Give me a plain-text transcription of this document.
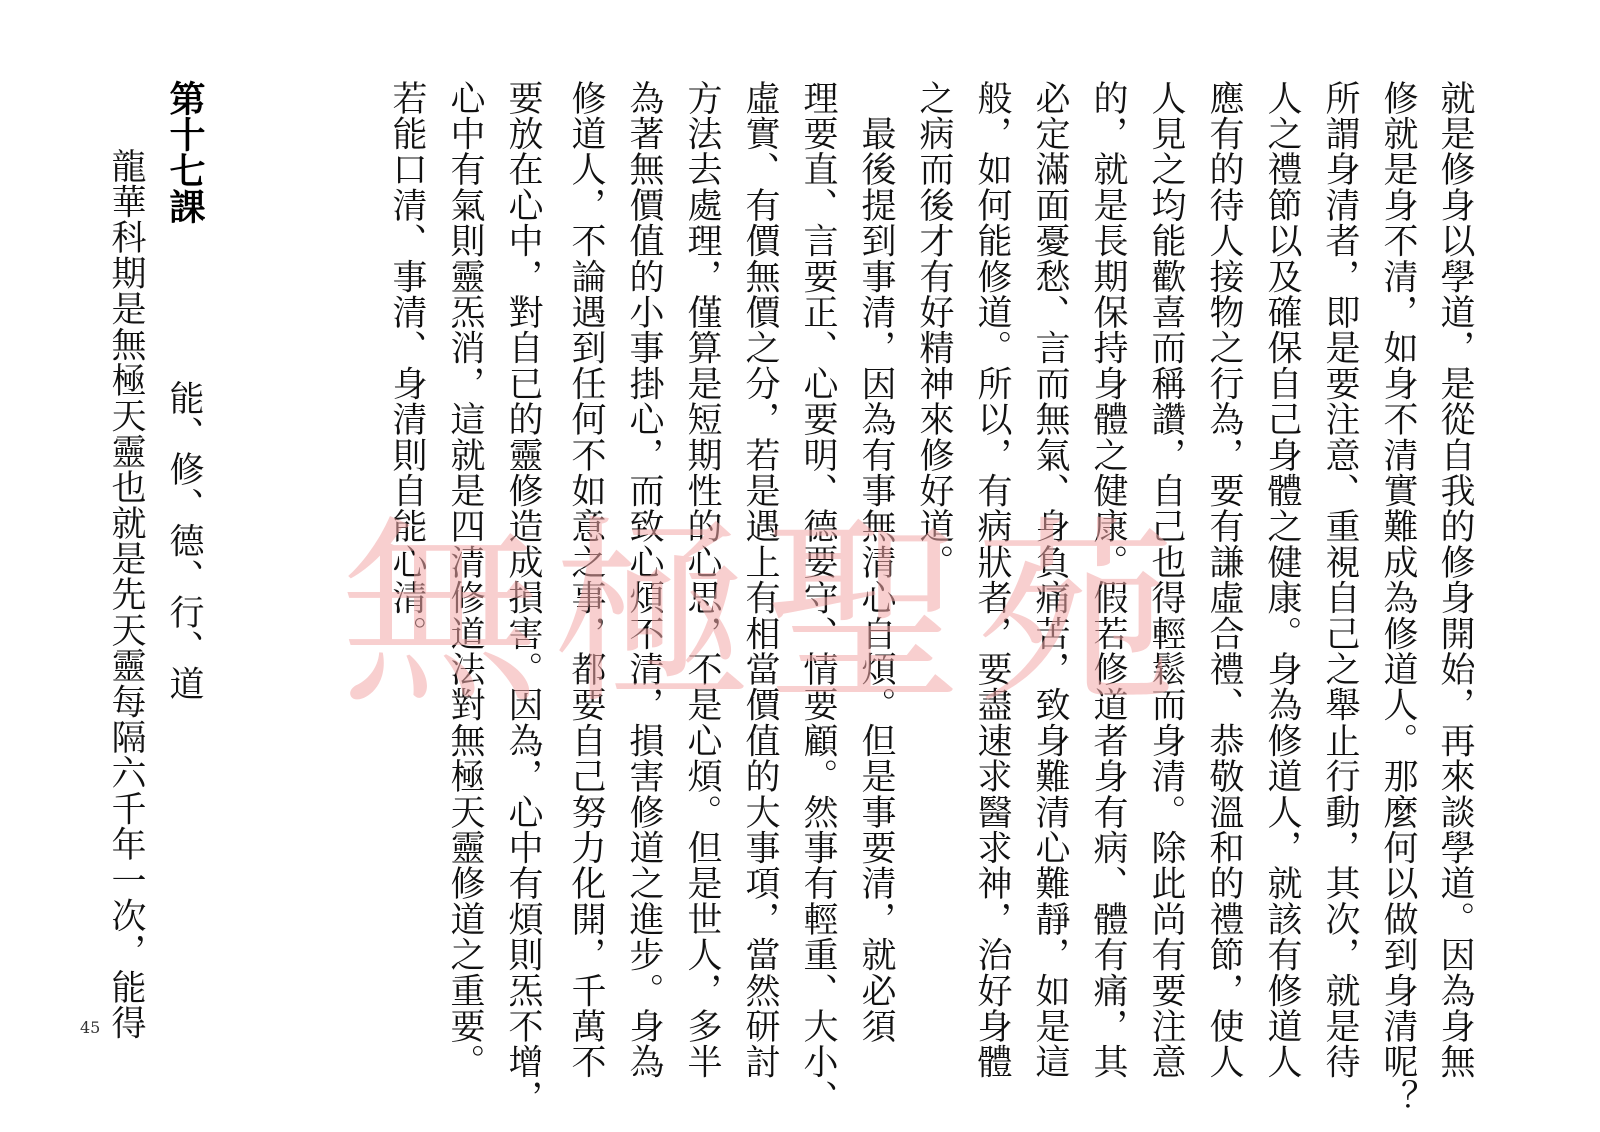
就是修身以學道，是從自我的修身開始，再來談學道。因為身無
修就是身不清，如身不清實難成為修道人。那麼何以做到身清呢？
所謂身清者，即是要注意、重視自己之舉止行動，其次，就是待
人之禮節以及確保自己身體之健康。身為修道人，就該有修道人
應有的待人接物之行為，要有謙虛合禮、恭敬溫和的禮節，使人
人見之均能歡喜而稱讚，自己也得輕鬆而身清。除此尚有要注意
的，就是長期保持身體之健康。假若修道者身有病、體有痛，其
必定滿面憂愁、言而無氣、身負痛苦，致身難清心難靜，如是這
般，如何能修道。所以，有病狀者，要盡速求醫求神，治好身體
之病而後才有好精神來修好道。
　最後提到事清，因為有事無清心自煩。但是事要清，就必須
理要直、言要正、心要明、德要守、情要顧。然事有輕重、大小、
虛實、有價無價之分，若是遇上有相當價值的大事項，當然研討
方法去處理，僅算是短期性的心思，不是心煩。但是世人，多半
為著無價值的小事掛心，而致心煩不清，損害修道之進步。身為
修道人，不論遇到任何不如意之事，都要自己努力化開，千萬不
要放在心中，對自已的靈修造成損害。因為，心中有煩則炁不增，
心中有氣則靈炁消，這就是四清修道法對無極天靈修道之重要。
若能口清、事清、身清則自能心清。
第十七課
能、修、德、行、道
龍華科期是無極天靈也就是先天靈每隔六千年一次，能得
45
無極聖苑
